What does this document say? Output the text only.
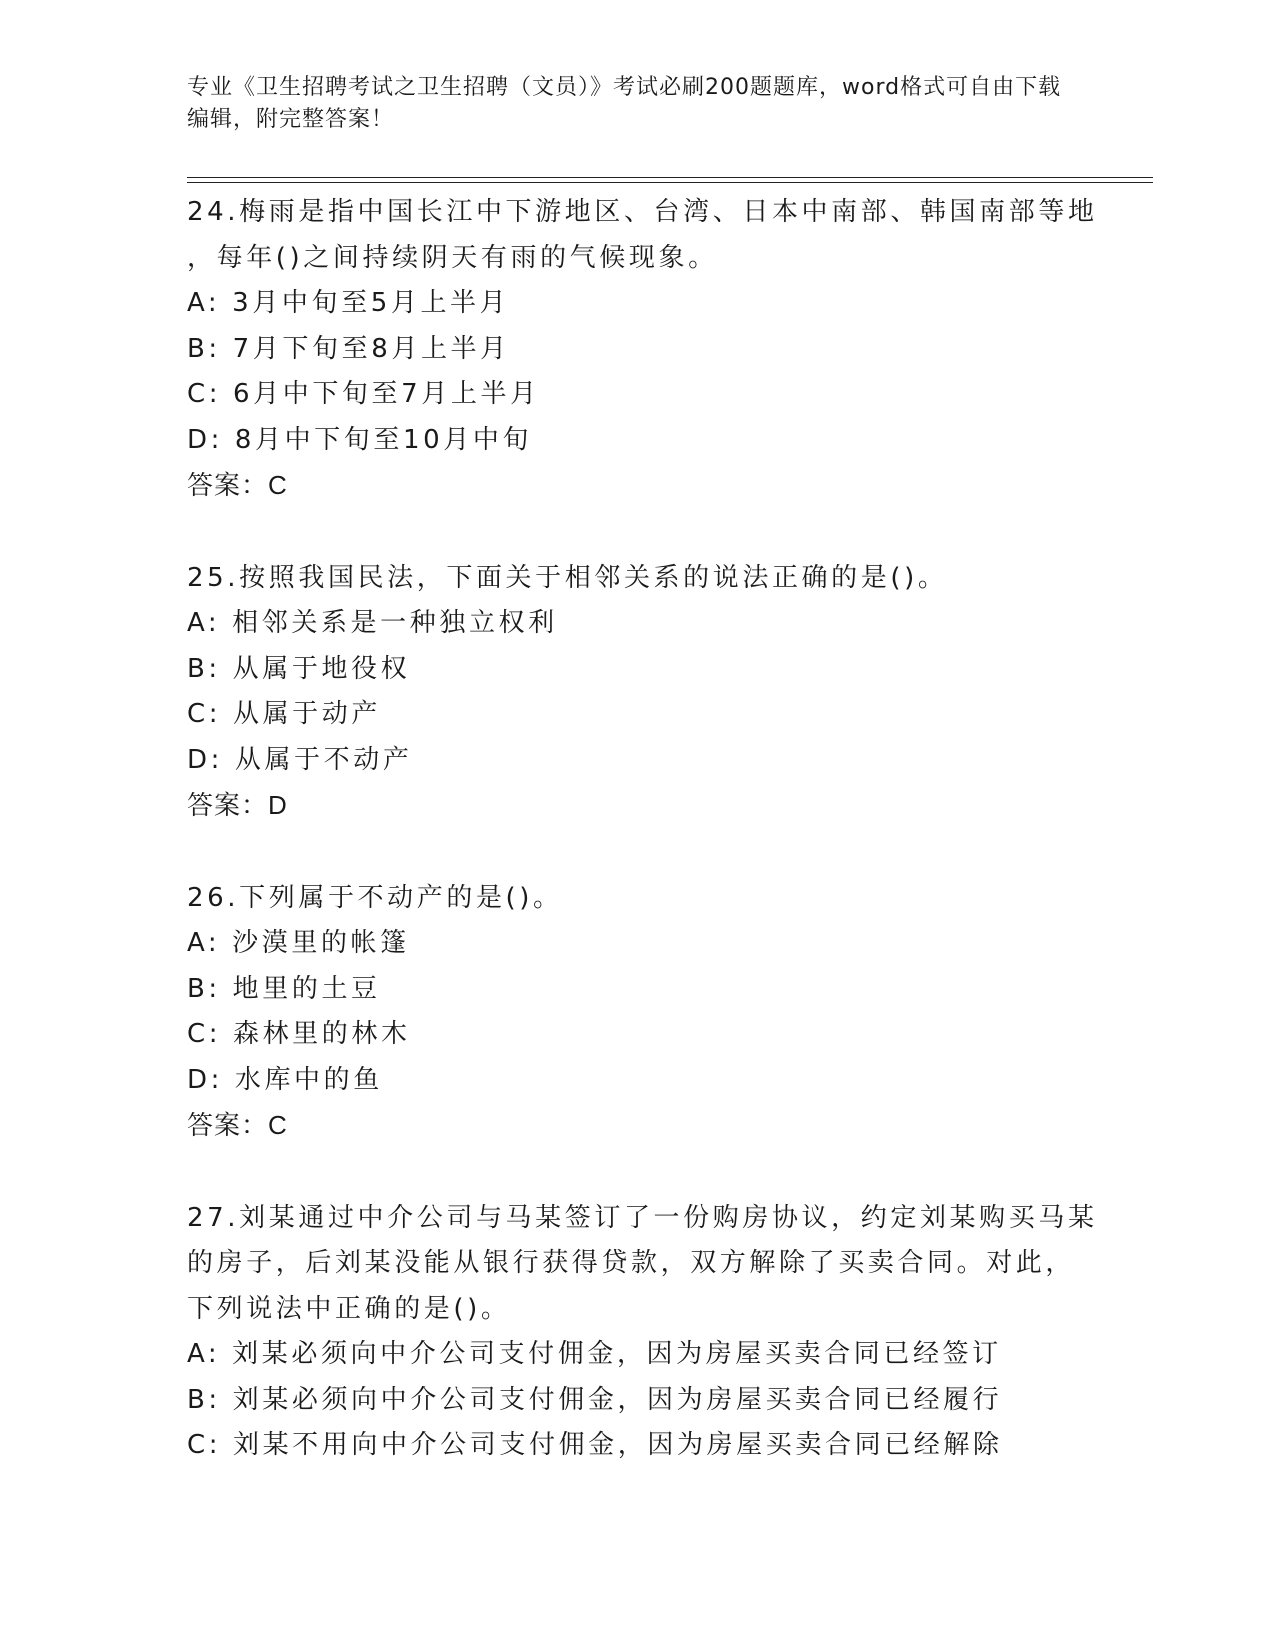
专业《卫生招聘考试之卫生招聘（文员）》考试必刷200题题库，word格式可自由下载编辑，附完整答案！
24.梅雨是指中国长江中下游地区、台湾、日本中南部、韩国南部等地
，每年()之间持续阴天有雨的气候现象。
A: 3月中旬至5月上半月
B: 7月下旬至8月上半月
C: 6月中下旬至7月上半月
D: 8月中下旬至10月中旬
答案：C
25.按照我国民法，下面关于相邻关系的说法正确的是()。
A: 相邻关系是一种独立权利
B: 从属于地役权
C: 从属于动产
D: 从属于不动产
答案：D
26.下列属于不动产的是()。
A: 沙漠里的帐篷
B: 地里的土豆
C: 森林里的林木
D: 水库中的鱼
答案：C
27.刘某通过中介公司与马某签订了一份购房协议，约定刘某购买马某
的房子，后刘某没能从银行获得贷款，双方解除了买卖合同。对此，
下列说法中正确的是()。
A: 刘某必须向中介公司支付佣金，因为房屋买卖合同已经签订
B: 刘某必须向中介公司支付佣金，因为房屋买卖合同已经履行
C: 刘某不用向中介公司支付佣金，因为房屋买卖合同已经解除
